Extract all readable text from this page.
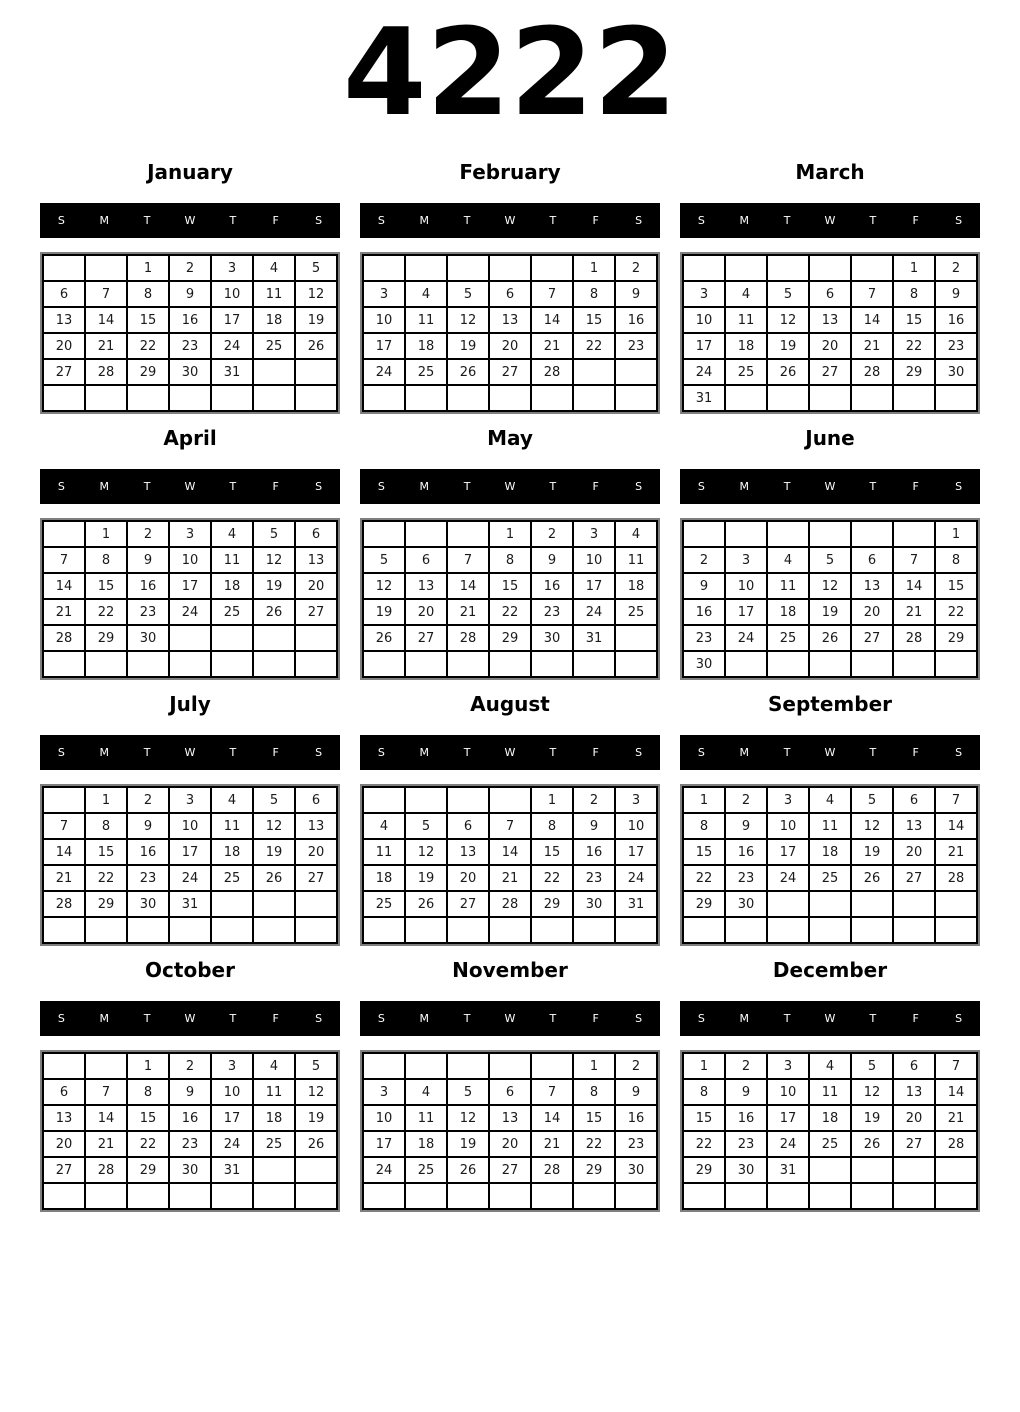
4222
January
S	M	T	W	T	F	S
		1	2	3	4	5
6	7	8	9	10	11	12
13	14	15	16	17	18	19
20	21	22	23	24	25	26
27	28	29	30	31		

February
S	M	T	W	T	F	S
					1	2
3	4	5	6	7	8	9
10	11	12	13	14	15	16
17	18	19	20	21	22	23
24	25	26	27	28		

March
S	M	T	W	T	F	S
					1	2
3	4	5	6	7	8	9
10	11	12	13	14	15	16
17	18	19	20	21	22	23
24	25	26	27	28	29	30
31						
April
S	M	T	W	T	F	S
	1	2	3	4	5	6
7	8	9	10	11	12	13
14	15	16	17	18	19	20
21	22	23	24	25	26	27
28	29	30				

May
S	M	T	W	T	F	S
			1	2	3	4
5	6	7	8	9	10	11
12	13	14	15	16	17	18
19	20	21	22	23	24	25
26	27	28	29	30	31	

June
S	M	T	W	T	F	S
						1
2	3	4	5	6	7	8
9	10	11	12	13	14	15
16	17	18	19	20	21	22
23	24	25	26	27	28	29
30						
July
S	M	T	W	T	F	S
	1	2	3	4	5	6
7	8	9	10	11	12	13
14	15	16	17	18	19	20
21	22	23	24	25	26	27
28	29	30	31			

August
S	M	T	W	T	F	S
				1	2	3
4	5	6	7	8	9	10
11	12	13	14	15	16	17
18	19	20	21	22	23	24
25	26	27	28	29	30	31

September
S	M	T	W	T	F	S
1	2	3	4	5	6	7
8	9	10	11	12	13	14
15	16	17	18	19	20	21
22	23	24	25	26	27	28
29	30					

October
S	M	T	W	T	F	S
		1	2	3	4	5
6	7	8	9	10	11	12
13	14	15	16	17	18	19
20	21	22	23	24	25	26
27	28	29	30	31		

November
S	M	T	W	T	F	S
					1	2
3	4	5	6	7	8	9
10	11	12	13	14	15	16
17	18	19	20	21	22	23
24	25	26	27	28	29	30

December
S	M	T	W	T	F	S
1	2	3	4	5	6	7
8	9	10	11	12	13	14
15	16	17	18	19	20	21
22	23	24	25	26	27	28
29	30	31				
